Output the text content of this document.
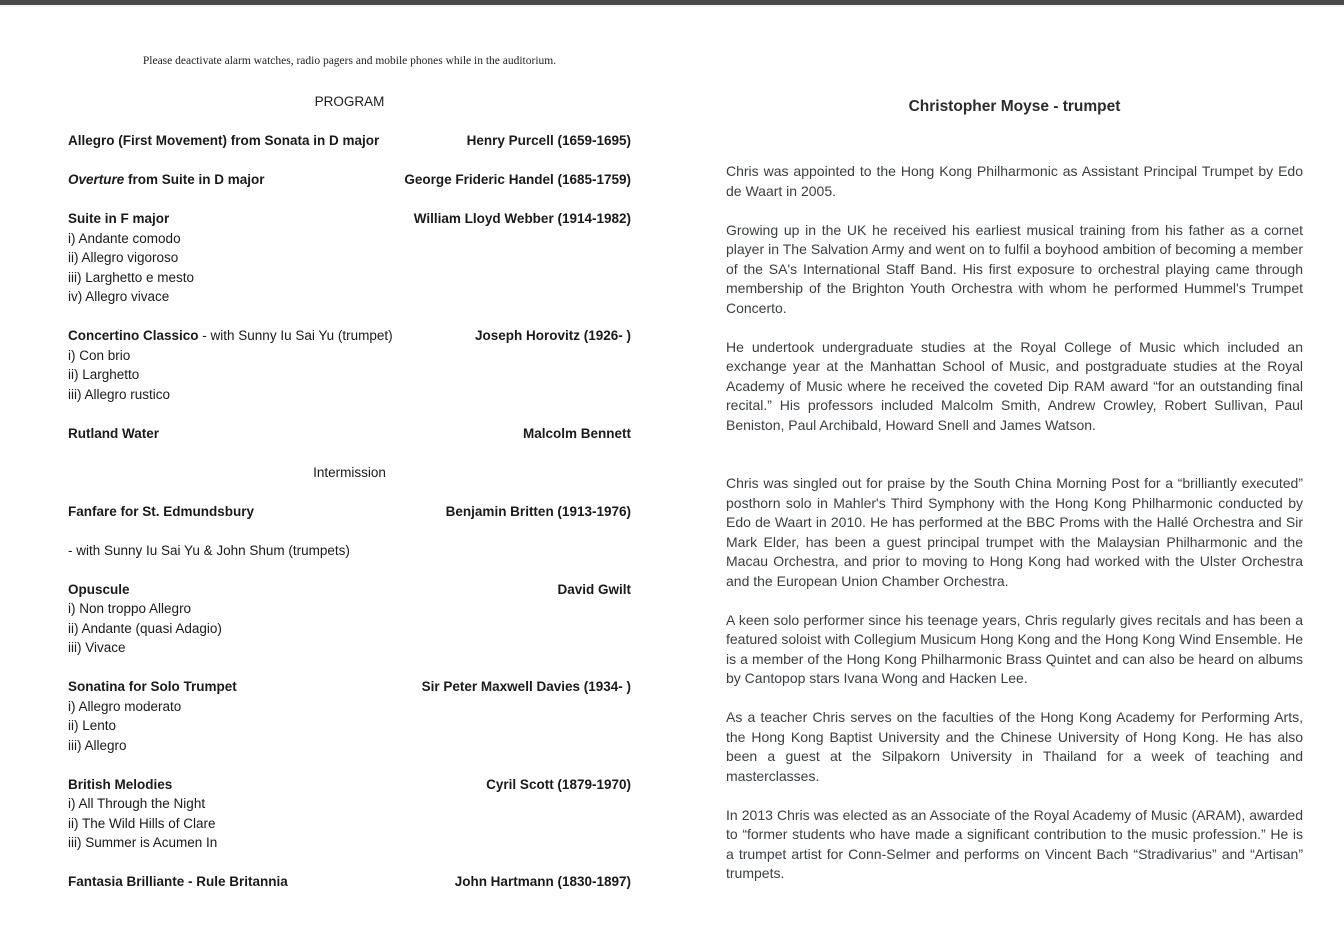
Please deactivate alarm watches, radio pagers and mobile phones while in the auditorium.
PROGRAM
Allegro (First Movement) from Sonata in D major	Henry Purcell (1659-1695)
Overture from Suite in D major	George Frideric Handel (1685-1759)
Suite in F major	William Lloyd Webber (1914-1982)
i) Andante comodo
ii) Allegro vigoroso
iii) Larghetto e mesto
iv) Allegro vivace
Concertino Classico - with Sunny Iu Sai Yu (trumpet)	Joseph Horovitz (1926- )
i) Con brio
ii) Larghetto
iii) Allegro rustico
Rutland Water	Malcolm Bennett
Intermission
Fanfare for St. Edmundsbury	Benjamin Britten (1913-1976)
- with Sunny Iu Sai Yu & John Shum (trumpets)
Opuscule	David Gwilt
i) Non troppo Allegro
ii) Andante (quasi Adagio)
iii) Vivace
Sonatina for Solo Trumpet	Sir Peter Maxwell Davies (1934- )
i) Allegro moderato
ii) Lento
iii) Allegro
British Melodies	Cyril Scott (1879-1970)
i) All Through the Night
ii) The Wild Hills of Clare
iii) Summer is Acumen In
Fantasia Brilliante - Rule Britannia	John Hartmann (1830-1897)
Christopher Moyse - trumpet

Chris was appointed to the Hong Kong Philharmonic as Assistant Principal Trumpet by Edo de Waart in 2005.

Growing up in the UK he received his earliest musical training from his father as a cornet player in The Salvation Army and went on to fulfil a boyhood ambition of becoming a member of the SA's International Staff Band. His first exposure to orchestral playing came through membership of the Brighton Youth Orchestra with whom he performed Hummel's Trumpet Concerto.

He undertook undergraduate studies at the Royal College of Music which included an exchange year at the Manhattan School of Music, and postgraduate studies at the Royal Academy of Music where he received the coveted Dip RAM award “for an outstanding final recital.” His professors included Malcolm Smith, Andrew Crowley, Robert Sullivan, Paul Beniston, Paul Archibald, Howard Snell and James Watson.

Chris was singled out for praise by the South China Morning Post for a “brilliantly executed” posthorn solo in Mahler's Third Symphony with the Hong Kong Philharmonic conducted by Edo de Waart in 2010. He has performed at the BBC Proms with the Hallé Orchestra and Sir Mark Elder, has been a guest principal trumpet with the Malaysian Philharmonic and the Macau Orchestra, and prior to moving to Hong Kong had worked with the Ulster Orchestra and the European Union Chamber Orchestra.

A keen solo performer since his teenage years, Chris regularly gives recitals and has been a featured soloist with Collegium Musicum Hong Kong and the Hong Kong Wind Ensemble. He is a member of the Hong Kong Philharmonic Brass Quintet and can also be heard on albums by Cantopop stars Ivana Wong and Hacken Lee.

As a teacher Chris serves on the faculties of the Hong Kong Academy for Performing Arts, the Hong Kong Baptist University and the Chinese University of Hong Kong. He has also been a guest at the Silpakorn University in Thailand for a week of teaching and masterclasses.

In 2013 Chris was elected as an Associate of the Royal Academy of Music (ARAM), awarded to “former students who have made a significant contribution to the music profession.” He is a trumpet artist for Conn-Selmer and performs on Vincent Bach “Stradivarius” and “Artisan” trumpets.
